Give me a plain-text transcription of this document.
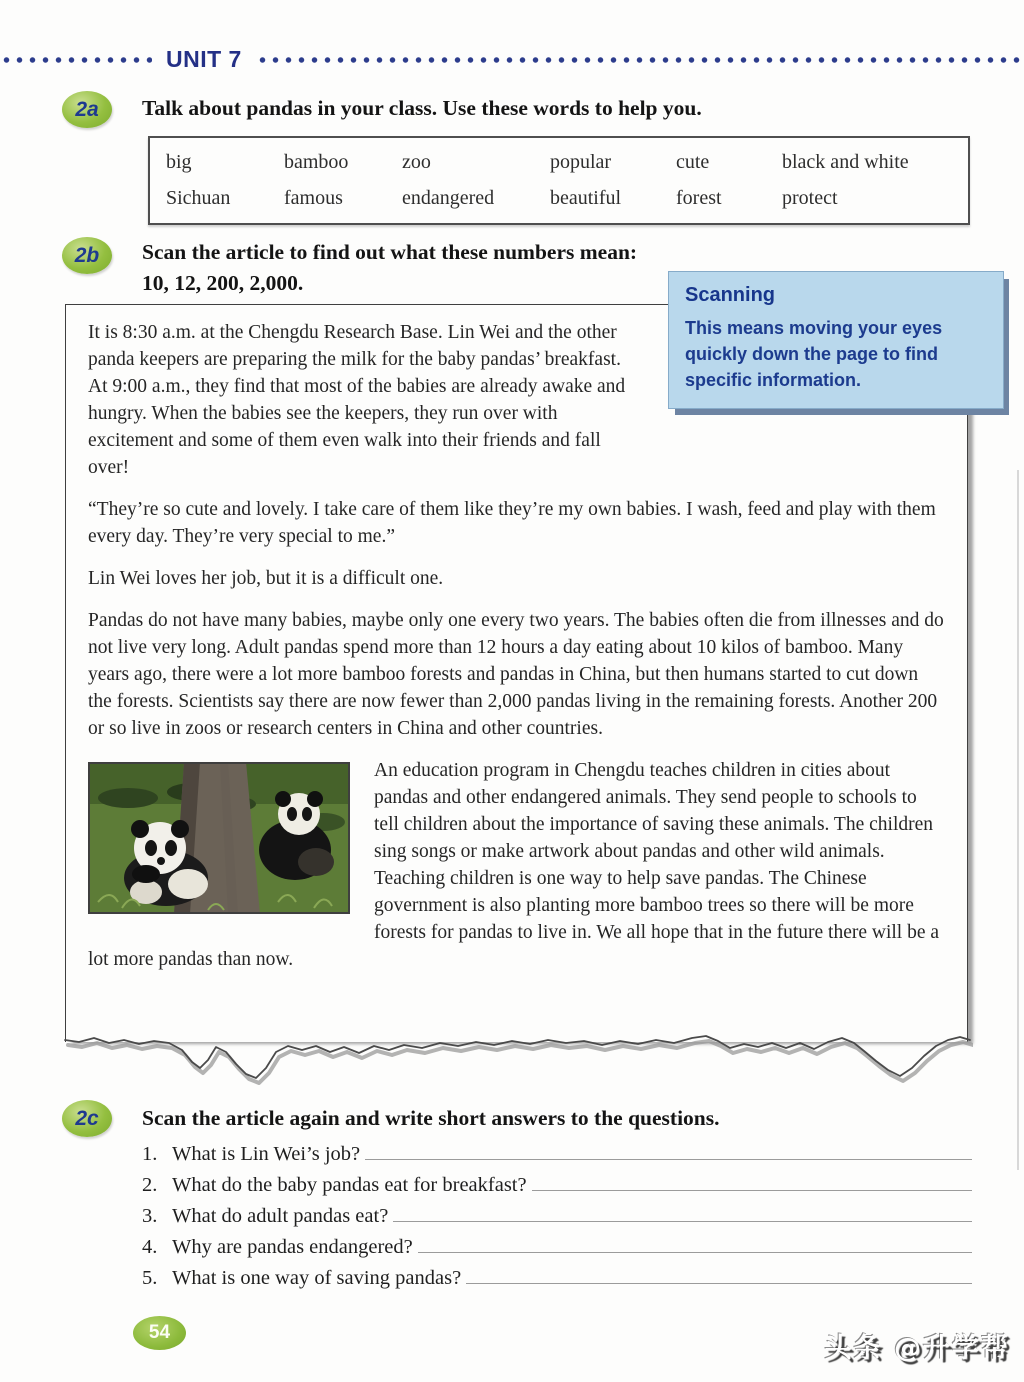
UNIT 7
2a	Talk about pandas in your class. Use these words to help you.
big	bamboo	zoo	popular	cute	black and white
Sichuan	famous	endangered	beautiful	forest	protect
2b	Scan the article to find out what these numbers mean:
10, 12, 200, 2,000.

It is 8:30 a.m. at the Chengdu Research Base. Lin Wei and the other panda keepers are preparing the milk for the baby pandas’ breakfast. At 9:00 a.m., they find that most of the babies are already awake and hungry. When the babies see the keepers, they run over with excitement and some of them even walk into their friends and fall over!

“They’re so cute and lovely. I take care of them like they’re my own babies. I wash, feed and play with them every day. They’re very special to me.”

Lin Wei loves her job, but it is a difficult one.

Pandas do not have many babies, maybe only one every two years. The babies often die from illnesses and do not live very long. Adult pandas spend more than 12 hours a day eating about 10 kilos of bamboo. Many years ago, there were a lot more bamboo forests and pandas in China, but then humans started to cut down the forests. Scientists say there are now fewer than 2,000 pandas living in the remaining forests. Another 200 or so live in zoos or research centers in China and other countries.

An education program in Chengdu teaches children in cities about pandas and other endangered animals. They send people to schools to tell children about the importance of saving these animals. The children sing songs or make artwork about pandas and other wild animals. Teaching children is one way to help save pandas. The Chinese government is also planting more bamboo trees so there will be more forests for pandas to live in. We all hope that in the future there will be a lot more pandas than now.

Scanning
This means moving your eyes quickly down the page to find specific information.
2c	Scan the article again and write short answers to the questions.
1. What is Lin Wei’s job?
2. What do the baby pandas eat for breakfast?
3. What do adult pandas eat?
4. Why are pandas endangered?
5. What is one way of saving pandas?
54
头条 @升学帮
